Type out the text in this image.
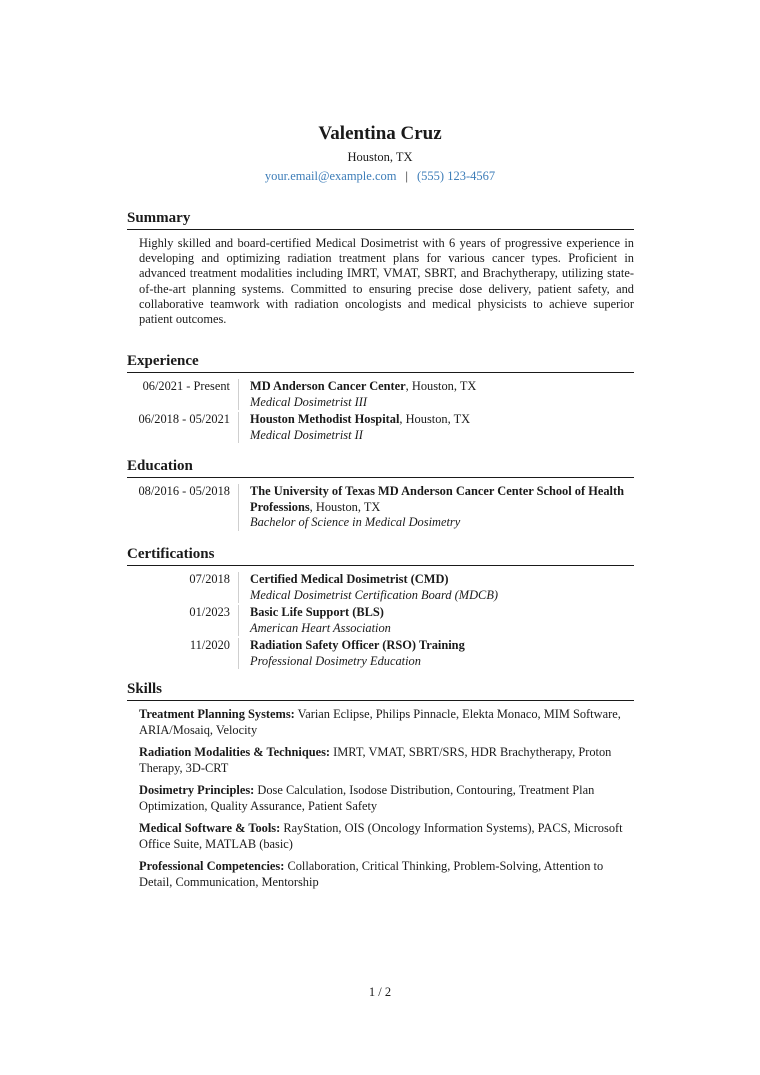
Valentina Cruz
Houston, TX
your.email@example.com | (555) 123-4567
Summary
Highly skilled and board-certified Medical Dosimetrist with 6 years of progressive experience in developing and optimizing radiation treatment plans for various cancer types. Proficient in advanced treatment modalities including IMRT, VMAT, SBRT, and Brachytherapy, utilizing state-of-the-art planning systems. Committed to ensuring precise dose delivery, patient safety, and collaborative teamwork with radiation oncologists and medical physicists to achieve superior patient outcomes.
Experience
06/2021 - Present	MD Anderson Cancer Center, Houston, TX
Medical Dosimetrist III
06/2018 - 05/2021	Houston Methodist Hospital, Houston, TX
Medical Dosimetrist II
Education
08/2016 - 05/2018	The University of Texas MD Anderson Cancer Center School of Health Professions, Houston, TX
Bachelor of Science in Medical Dosimetry
Certifications
07/2018	Certified Medical Dosimetrist (CMD)
Medical Dosimetrist Certification Board (MDCB)
01/2023	Basic Life Support (BLS)
American Heart Association
11/2020	Radiation Safety Officer (RSO) Training
Professional Dosimetry Education
Skills
Treatment Planning Systems: Varian Eclipse, Philips Pinnacle, Elekta Monaco, MIM Software, ARIA/Mosaiq, Velocity
Radiation Modalities & Techniques: IMRT, VMAT, SBRT/SRS, HDR Brachytherapy, Proton Therapy, 3D-CRT
Dosimetry Principles: Dose Calculation, Isodose Distribution, Contouring, Treatment Plan Optimization, Quality Assurance, Patient Safety
Medical Software & Tools: RayStation, OIS (Oncology Information Systems), PACS, Microsoft Office Suite, MATLAB (basic)
Professional Competencies: Collaboration, Critical Thinking, Problem-Solving, Attention to Detail, Communication, Mentorship
1 / 2
